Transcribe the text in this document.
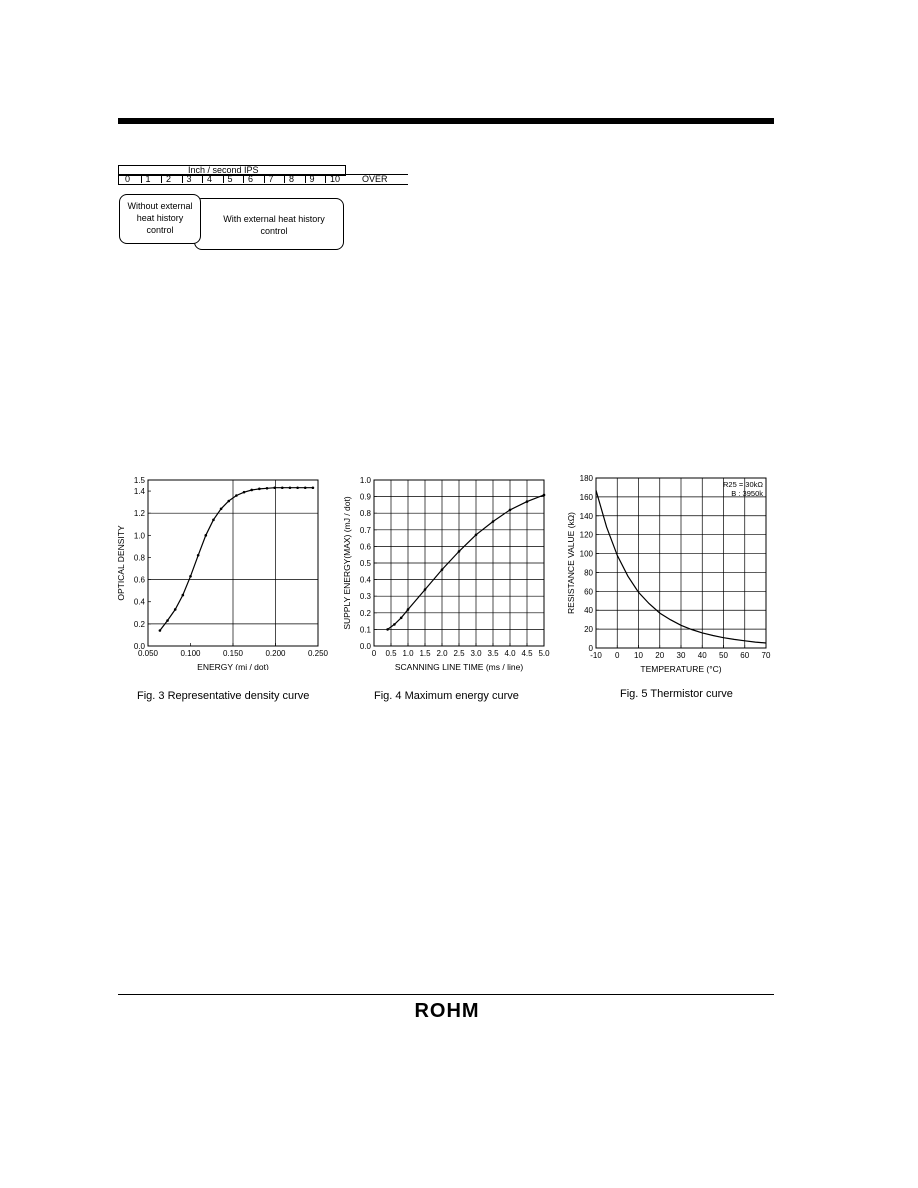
Inch / second IPS
0 1 2 3 4 5 6 7 8 9 10 OVER
With external heat history control
Without external heat history control
0.050	0.100	0.150	0.200	0.250
0.0
0.2
0.4
0.6
0.8
1.0
1.2
1.4
1.5
ENERGY (mj / dot)
OPTICAL DENSITY
Fig. 3 Representative density curve
0 0.5 1.0 1.5 2.0 2.5 3.0 3.5 4.0 4.5 5.0
0.0
0.1
0.2
0.3
0.4
0.5
0.6
0.7
0.8
0.9
1.0
SCANNING LINE TIME (ms / line)
SUPPLY ENERGY(MAX) (mJ / dot)
Fig. 4 Maximum energy curve
-10 0 10 20 30 40 50 60 70
0
20
40
60
80
100
120
140
160
180
TEMPERATURE (°C)
RESISTANCE VALUE (kΩ)
R25 = 30kΩ
B : 3950k
Fig. 5 Thermistor curve
ROHM
